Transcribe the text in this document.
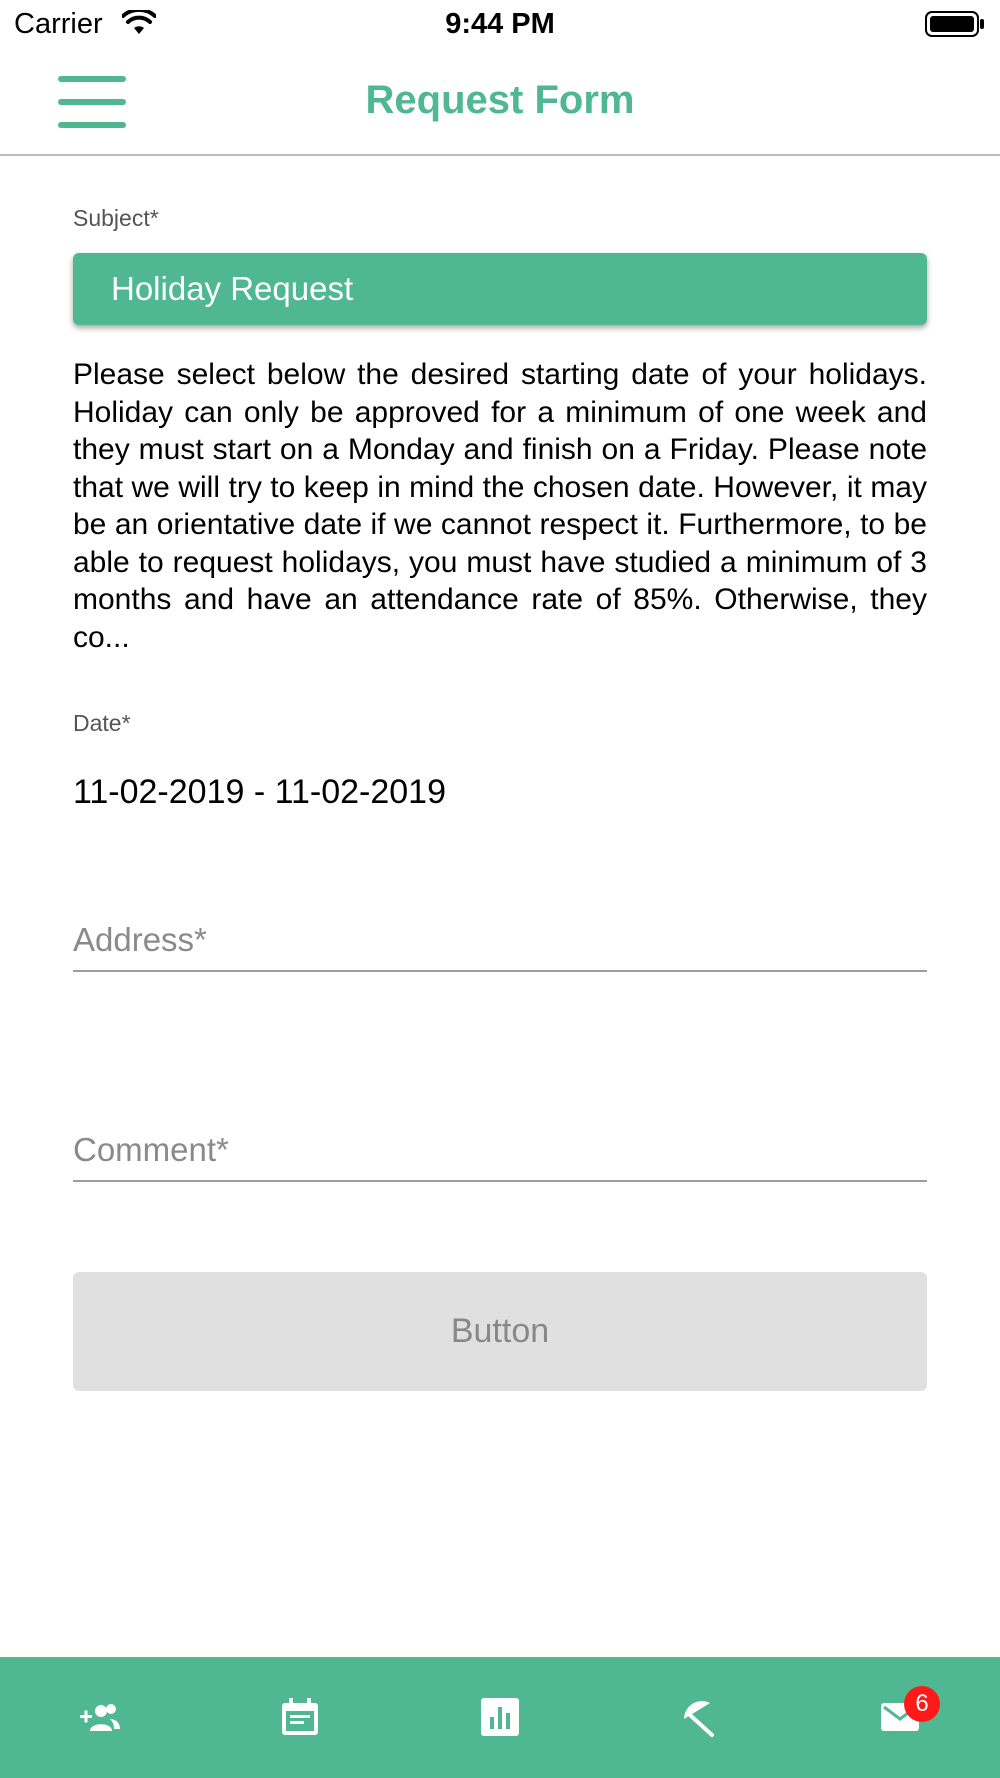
Carrier	9:44 PM
Request Form
Subject*
Holiday Request
Please select below the desired starting date of your holidays. Holiday can only be approved for a minimum of one week and they must start on a Monday and finish on a Friday. Please note that we will try to keep in mind the chosen date. However, it may be an orientative date if we cannot respect it. Furthermore, to be able to request holidays, you must have studied a minimum of 3 months and have an attendance rate of 85%. Otherwise, they co...
Date*
11-02-2019 - 11-02-2019
Address*
Comment*
Button
6
